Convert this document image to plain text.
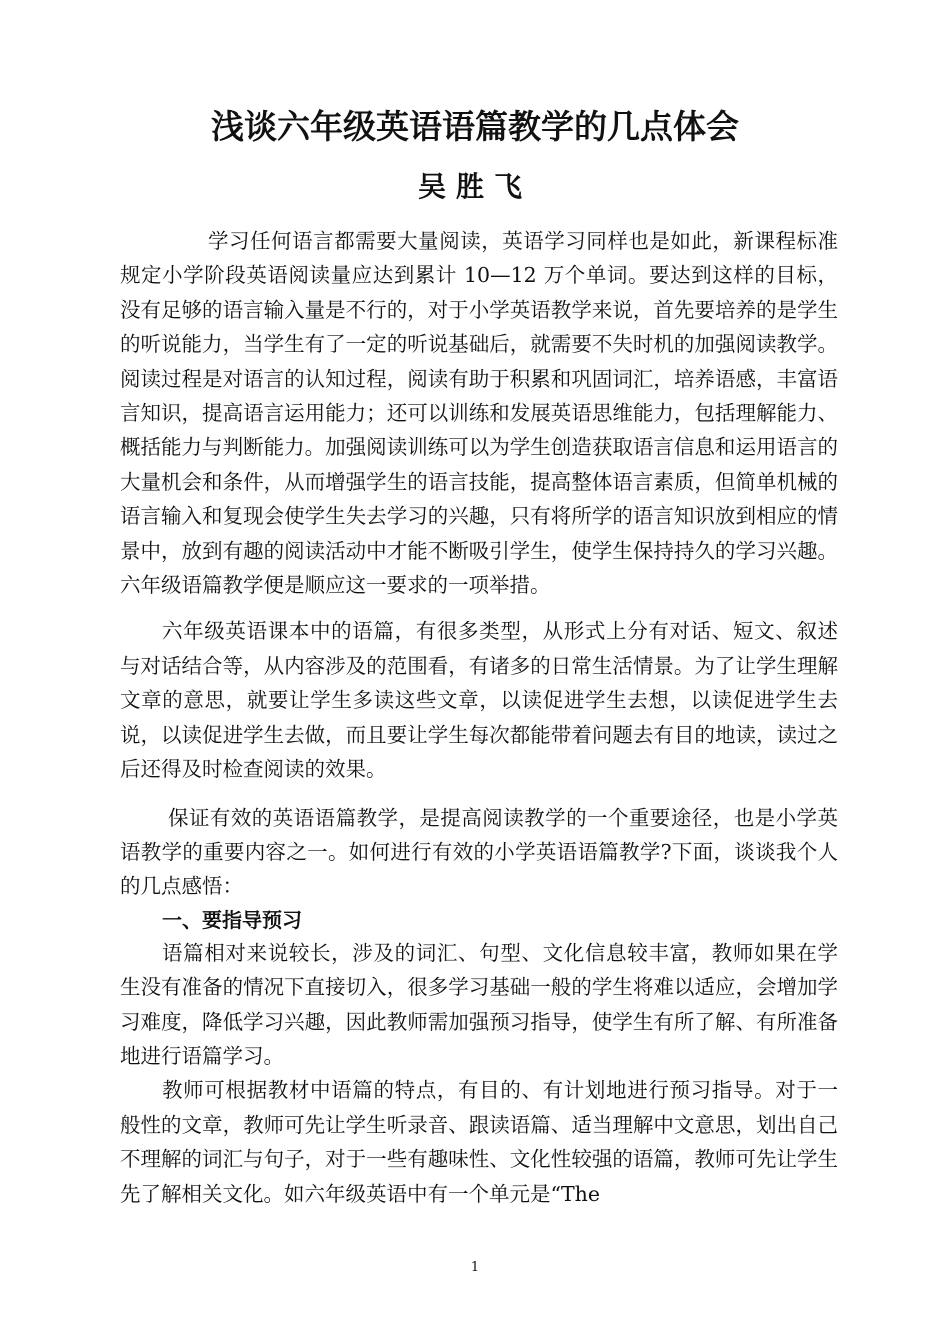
浅谈六年级英语语篇教学的几点体会
吴胜飞

学习任何语言都需要大量阅读，英语学习同样也是如此，新课程标准规定小学阶段英语阅读量应达到累计 10—12 万个单词。要达到这样的目标，没有足够的语言输入量是不行的，对于小学英语教学来说，首先要培养的是学生的听说能力，当学生有了一定的听说基础后，就需要不失时机的加强阅读教学。阅读过程是对语言的认知过程，阅读有助于积累和巩固词汇，培养语感，丰富语言知识，提高语言运用能力；还可以训练和发展英语思维能力，包括理解能力、概括能力与判断能力。加强阅读训练可以为学生创造获取语言信息和运用语言的大量机会和条件，从而增强学生的语言技能，提高整体语言素质，但简单机械的语言输入和复现会使学生失去学习的兴趣，只有将所学的语言知识放到相应的情景中，放到有趣的阅读活动中才能不断吸引学生，使学生保持持久的学习兴趣。六年级语篇教学便是顺应这一要求的一项举措。

六年级英语课本中的语篇，有很多类型，从形式上分有对话、短文、叙述与对话结合等，从内容涉及的范围看，有诸多的日常生活情景。为了让学生理解文章的意思，就要让学生多读这些文章，以读促进学生去想，以读促进学生去说，以读促进学生去做，而且要让学生每次都能带着问题去有目的地读，读过之后还得及时检查阅读的效果。

保证有效的英语语篇教学，是提高阅读教学的一个重要途径，也是小学英语教学的重要内容之一。如何进行有效的小学英语语篇教学?下面，谈谈我个人的几点感悟：

一、要指导预习

语篇相对来说较长，涉及的词汇、句型、文化信息较丰富，教师如果在学生没有准备的情况下直接切入，很多学习基础一般的学生将难以适应，会增加学习难度，降低学习兴趣，因此教师需加强预习指导，使学生有所了解、有所准备地进行语篇学习。

教师可根据教材中语篇的特点，有目的、有计划地进行预习指导。对于一般性的文章，教师可先让学生听录音、跟读语篇、适当理解中文意思，划出自己不理解的词汇与句子，对于一些有趣味性、文化性较强的语篇，教师可先让学生先了解相关文化。如六年级英语中有一个单元是“The

1
